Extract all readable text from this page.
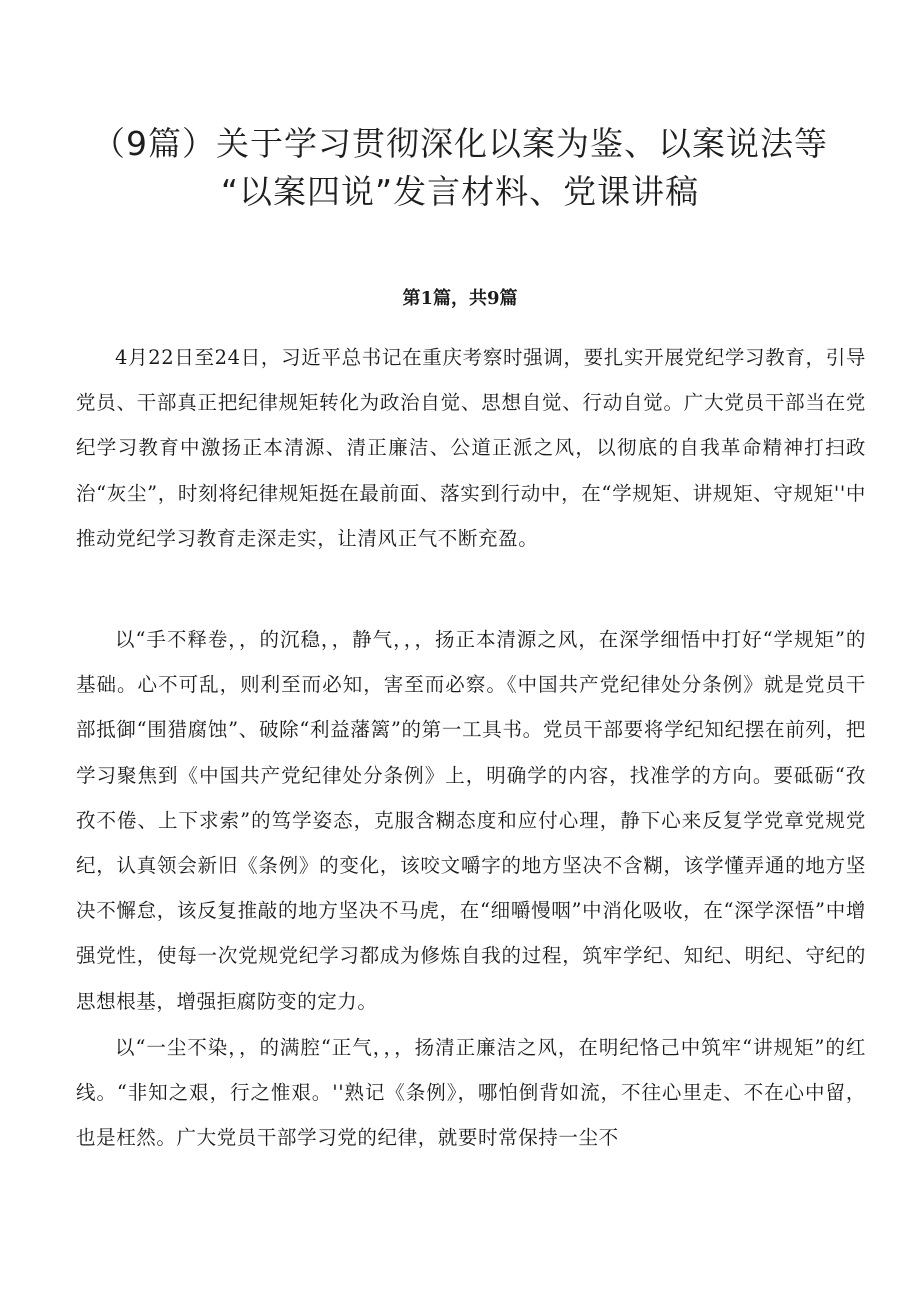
（9篇）关于学习贯彻深化以案为鉴、以案说法等
“以案四说”发言材料、党课讲稿
第1篇，共9篇

4月22日至24日，习近平总书记在重庆考察时强调，要扎实开展党纪学习教育，引导党员、干部真正把纪律规矩转化为政治自觉、思想自觉、行动自觉。广大党员干部当在党纪学习教育中激扬正本清源、清正廉洁、公道正派之风，以彻底的自我革命精神打扫政治“灰尘”，时刻将纪律规矩挺在最前面、落实到行动中，在“学规矩、讲规矩、守规矩''中推动党纪学习教育走深走实，让清风正气不断充盈。

以“手不释卷，，的沉稳，，静气，，，扬正本清源之风，在深学细悟中打好“学规矩”的基础。心不可乱，则利至而必知，害至而必察。《中国共产党纪律处分条例》就是党员干部抵御“围猎腐蚀”、破除“利益藩篱”的第一工具书。党员干部要将学纪知纪摆在前列，把学习聚焦到《中国共产党纪律处分条例》上，明确学的内容，找准学的方向。要砥砺“孜孜不倦、上下求索”的笃学姿态，克服含糊态度和应付心理，静下心来反复学党章党规党纪，认真领会新旧《条例》的变化，该咬文嚼字的地方坚决不含糊，该学懂弄通的地方坚决不懈怠，该反复推敲的地方坚决不马虎，在“细嚼慢咽”中消化吸收，在“深学深悟”中增强党性，使每一次党规党纪学习都成为修炼自我的过程，筑牢学纪、知纪、明纪、守纪的思想根基，增强拒腐防变的定力。

以“一尘不染，，的满腔“正气，，，扬清正廉洁之风，在明纪恪己中筑牢“讲规矩”的红线。“非知之艰，行之惟艰。''熟记《条例》，哪怕倒背如流，不往心里走、不在心中留，也是枉然。广大党员干部学习党的纪律，就要时常保持一尘不
